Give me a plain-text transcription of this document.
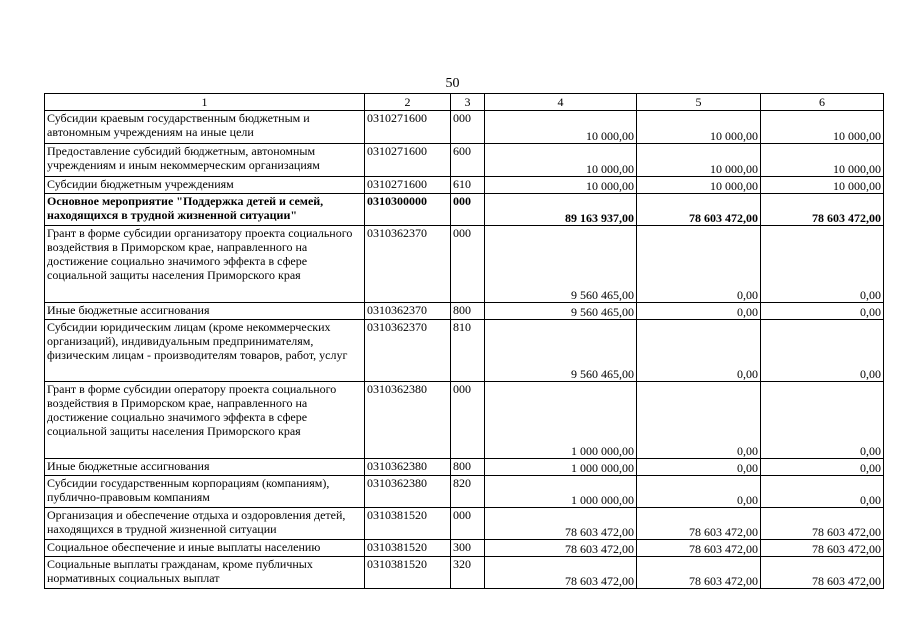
50
1	2	3	4	5	6
Субсидии краевым государственным бюджетным и автономным учреждениям на иные цели	0310271600	000	10 000,00	10 000,00	10 000,00
Предоставление субсидий бюджетным, автономным учреждениям и иным некоммерческим организациям	0310271600	600	10 000,00	10 000,00	10 000,00
Субсидии бюджетным учреждениям	0310271600	610	10 000,00	10 000,00	10 000,00
Основное мероприятие "Поддержка детей и семей, находящихся в трудной жизненной ситуации"	0310300000	000	89 163 937,00	78 603 472,00	78 603 472,00
Грант в форме субсидии организатору проекта социального воздействия в Приморском крае, направленного на достижение социально значимого эффекта в сфере социальной защиты населения Приморского края	0310362370	000	9 560 465,00	0,00	0,00
Иные бюджетные ассигнования	0310362370	800	9 560 465,00	0,00	0,00
Субсидии юридическим лицам (кроме некоммерческих организаций), индивидуальным предпринимателям, физическим лицам - производителям товаров, работ, услуг	0310362370	810	9 560 465,00	0,00	0,00
Грант в форме субсидии оператору проекта социального воздействия в Приморском крае, направленного на достижение социально значимого эффекта в сфере социальной защиты населения Приморского края	0310362380	000	1 000 000,00	0,00	0,00
Иные бюджетные ассигнования	0310362380	800	1 000 000,00	0,00	0,00
Субсидии государственным корпорациям (компаниям), публично-правовым компаниям	0310362380	820	1 000 000,00	0,00	0,00
Организация и обеспечение отдыха и оздоровления детей, находящихся в трудной жизненной ситуации	0310381520	000	78 603 472,00	78 603 472,00	78 603 472,00
Социальное обеспечение и иные выплаты населению	0310381520	300	78 603 472,00	78 603 472,00	78 603 472,00
Социальные выплаты гражданам, кроме публичных нормативных социальных выплат	0310381520	320	78 603 472,00	78 603 472,00	78 603 472,00
